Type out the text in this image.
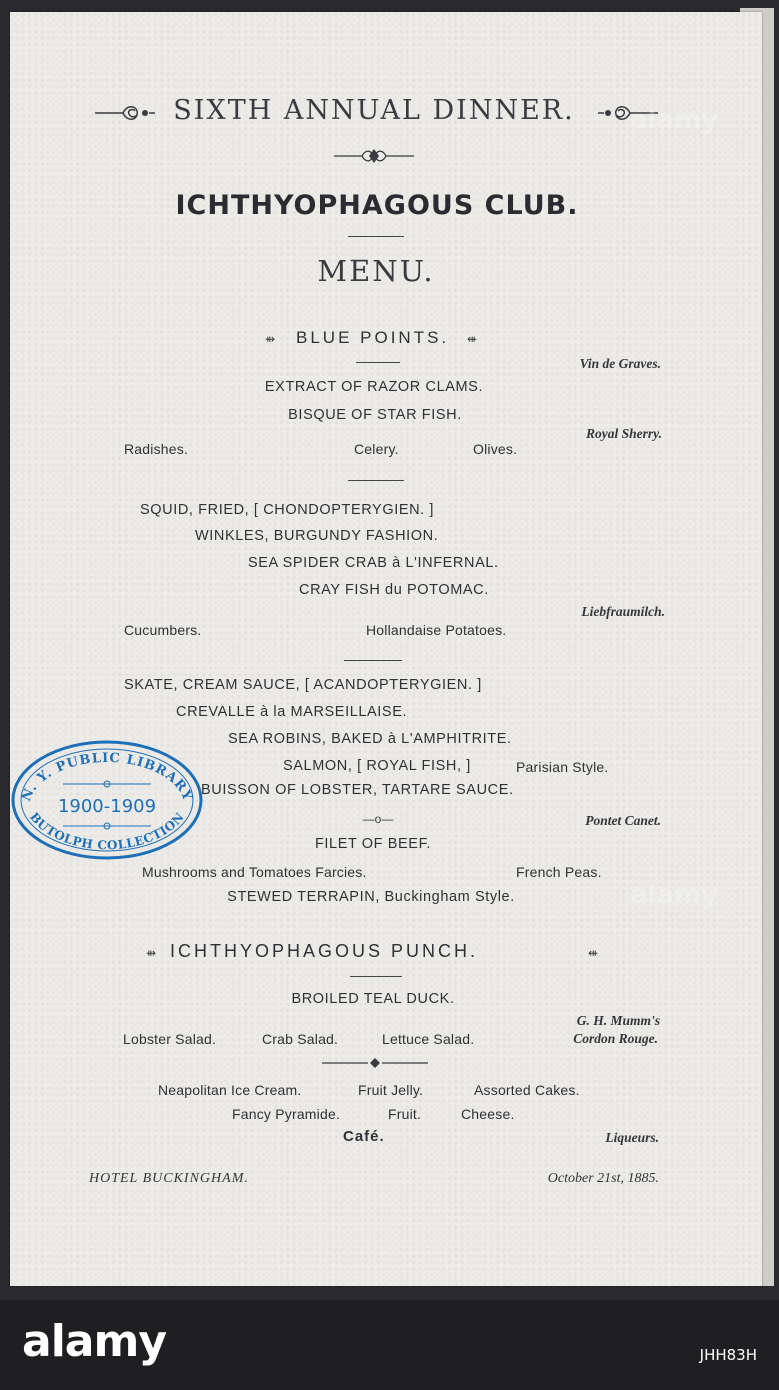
SIXTH ANNUAL DINNER.
ICHTHYOPHAGOUS CLUB.
MENU.
⇻ BLUE POINTS. ⇺
Vin de Graves.
EXTRACT OF RAZOR CLAMS.
BISQUE OF STAR FISH.
Royal Sherry.
Radishes.	Celery.	Olives.
SQUID, FRIED, [ CHONDOPTERYGIEN. ]
WINKLES, BURGUNDY FASHION.
SEA SPIDER CRAB à L'INFERNAL.
CRAY FISH du POTOMAC.
Liebfraumilch.
Cucumbers.	Hollandaise Potatoes.
SKATE, CREAM SAUCE, [ ACANDOPTERYGIEN. ]
CREVALLE à la MARSEILLAISE.
SEA ROBINS, BAKED à L'AMPHITRITE.
SALMON, [ ROYAL FISH, ]	Parisian Style.
BUISSON OF LOBSTER, TARTARE SAUCE.
—o—	Pontet Canet.
FILET OF BEEF.
Mushrooms and Tomatoes Farcies.	French Peas.
STEWED TERRAPIN, Buckingham Style.
⇻ ICHTHYOPHAGOUS PUNCH.	⇺
BROILED TEAL DUCK.
G. H. Mumm's
Lobster Salad.	Crab Salad.	Lettuce Salad.	Cordon Rouge.
Neapolitan Ice Cream.	Fruit Jelly.	Assorted Cakes.
Fancy Pyramide.	Fruit.	Cheese.
Café.	Liqueurs.
HOTEL BUCKINGHAM.	October 21st, 1885.
N. Y. PUBLIC LIBRARY
BUTOLPH COLLECTION
1900-1909
alamy
alamy
alamy	JHH83H
